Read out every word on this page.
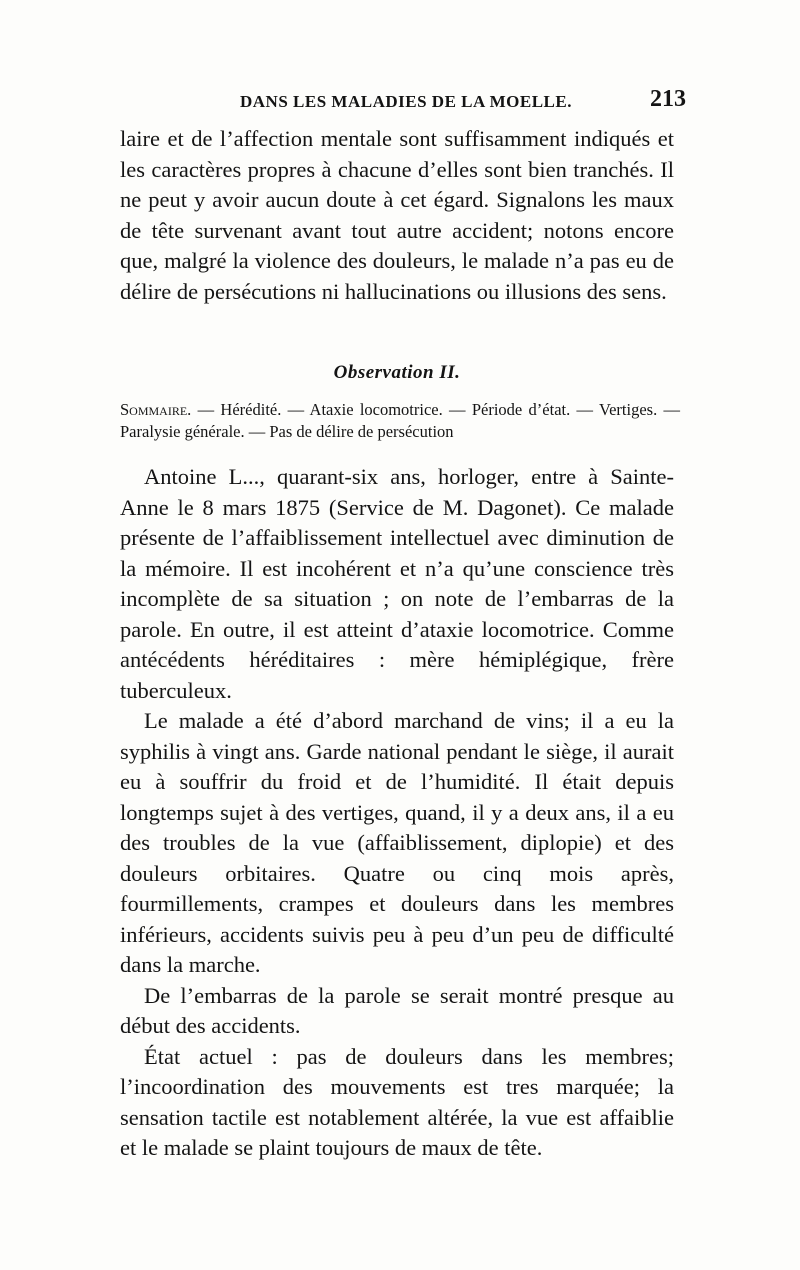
DANS LES MALADIES DE LA MOELLE.	213

laire et de l’affection mentale sont suffisamment indiqués et les caractères propres à chacune d’elles sont bien tranchés. Il ne peut y avoir aucun doute à cet égard. Signalons les maux de tête survenant avant tout autre accident; notons encore que, malgré la violence des douleurs, le malade n’a pas eu de délire de persécutions ni hallucinations ou illusions des sens.

Observation II.

Sommaire. — Hérédité. — Ataxie locomotrice. — Période d’état. — Vertiges. — Paralysie générale. — Pas de délire de persécution

Antoine L..., quarant-six ans, horloger, entre à Sainte-Anne le 8 mars 1875 (Service de M. Dagonet). Ce malade présente de l’affaiblissement intellectuel avec diminution de la mémoire. Il est incohérent et n’a qu’une conscience très incomplète de sa situation ; on note de l’embarras de la parole. En outre, il est atteint d’ataxie locomotrice. Comme antécédents héréditaires : mère hémiplégique, frère tuberculeux.

Le malade a été d’abord marchand de vins; il a eu la syphilis à vingt ans. Garde national pendant le siège, il aurait eu à souffrir du froid et de l’humidité. Il était depuis longtemps sujet à des vertiges, quand, il y a deux ans, il a eu des troubles de la vue (affaiblissement, diplopie) et des douleurs orbitaires. Quatre ou cinq mois après, fourmillements, crampes et douleurs dans les membres inférieurs, accidents suivis peu à peu d’un peu de difficulté dans la marche.

De l’embarras de la parole se serait montré presque au début des accidents.

État actuel : pas de douleurs dans les membres; l’incoordination des mouvements est tres marquée; la sensation tactile est notablement altérée, la vue est affaiblie et le malade se plaint toujours de maux de tête.
